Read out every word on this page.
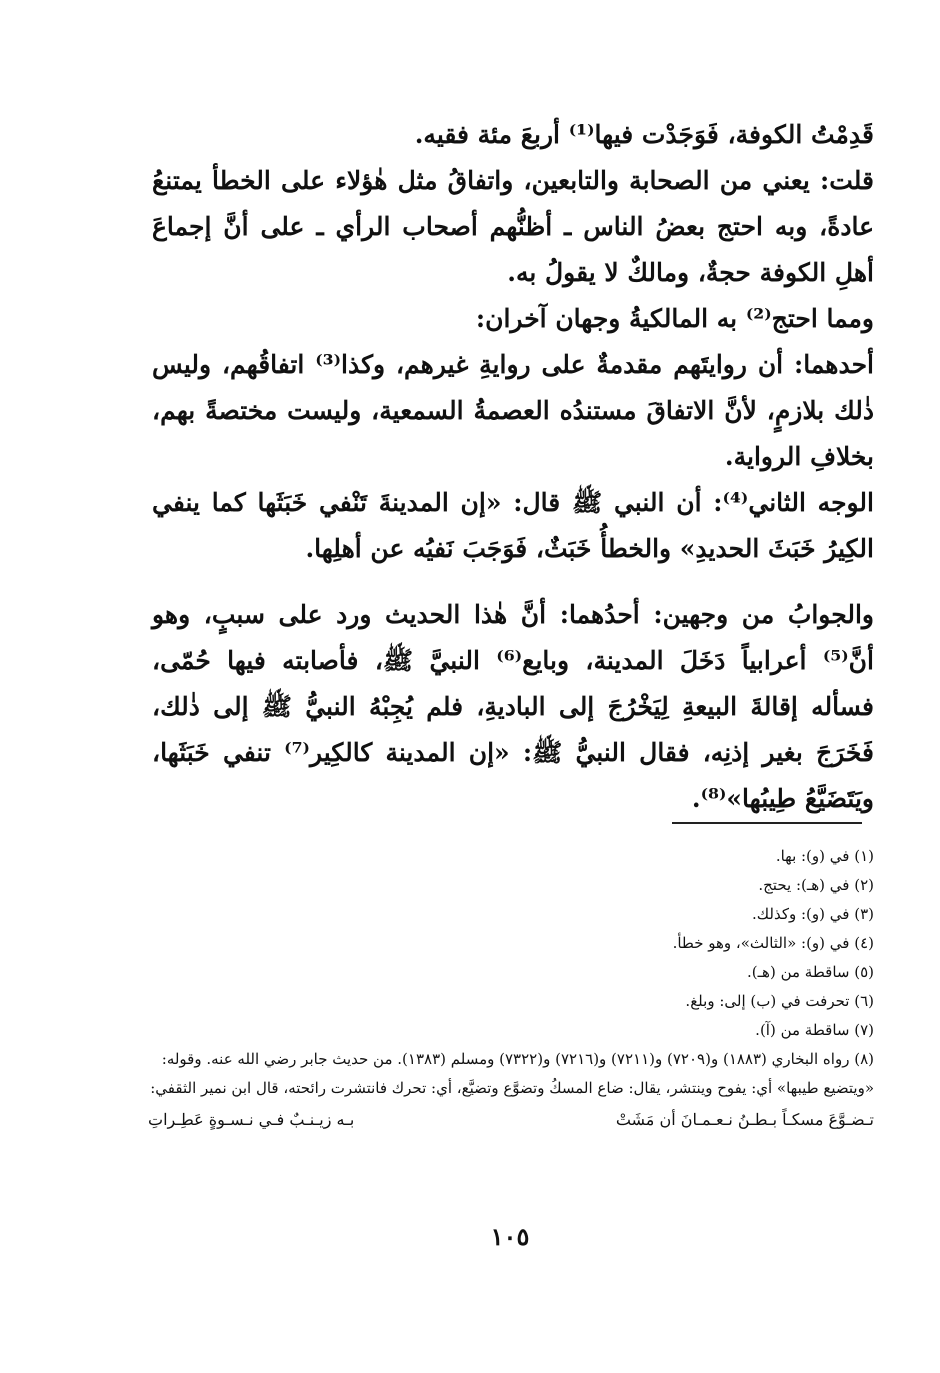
قَدِمْتُ الكوفة، فَوَجَدْت فيها⁽¹⁾ أربعَ مئة فقيه.

قلت: يعني من الصحابة والتابعين، واتفاقُ مثل هٰؤلاء على الخطأ يمتنعُ عادةً، وبه احتج بعضُ الناس ـ أظنُّهم أصحاب الرأي ـ على أنَّ إجماعَ أهلِ الكوفة حجةٌ، ومالكٌ لا يقولُ به.

ومما احتج⁽²⁾ به المالكيةُ وجهان آخران:

أحدهما: أن روايتَهم مقدمةٌ على روايةِ غيرهم، وكذا⁽³⁾ اتفاقُهم، وليس ذٰلك بلازمٍ، لأنَّ الاتفاقَ مستندُه العصمةُ السمعية، وليست مختصةً بهم، بخلافِ الرواية.

الوجه الثاني⁽⁴⁾: أن النبي ﷺ قال: «إن المدينةَ تَنْفي خَبَثَها كما ينفي الكِيرُ خَبَثَ الحديدِ» والخطأُ خَبَثٌ، فَوَجَبَ نَفيُه عن أهلِها.

والجوابُ من وجهين: أحدُهما: أنَّ هٰذا الحديث ورد على سببٍ، وهو أنَّ⁽⁵⁾ أعرابياً دَخَلَ المدينة، وبايع⁽⁶⁾ النبيَّ ﷺ، فأصابته فيها حُمّى، فسأله إقالةَ البيعةِ لِيَخْرُجَ إلى الباديةِ، فلم يُجِبْهُ النبيُّ ﷺ إلى ذٰلك، فَخَرَجَ بغير إذنِه، فقال النبيُّ ﷺ: «إن المدينة كالكِير⁽⁷⁾ تنفي خَبَثَها، ويَتَضَيَّعُ طِيبُها»⁽⁸⁾.

(١) في (و): بها.
(٢) في (هـ): يحتج.
(٣) في (و): وكذلك.
(٤) في (و): «الثالث»، وهو خطأ.
(٥) ساقطة من (هـ).
(٦) تحرفت في (ب) إلى: وبلغ.
(٧) ساقطة من (آ).
(٨) رواه البخاري (١٨٨٣) و(٧٢٠٩) و(٧٢١١) و(٧٢١٦) و(٧٣٢٢) ومسلم (١٣٨٣). من حديث جابر رضي الله عنه. وقوله: «ويتضيع طيبها» أي: يفوح وينتشر، يقال: ضاع المسكُ وتضوَّع وتضيَّع، أي: تحرك فانتشرت رائحته، قال ابن نمير الثقفي:
تـضـوَّعَ مسكـاً بـطـنُ نـعـمـانَ أن مَشَتْ
بـه زيـنـبٌ فـي نـسـوةٍ عَطِـراتِ
١٠٥
